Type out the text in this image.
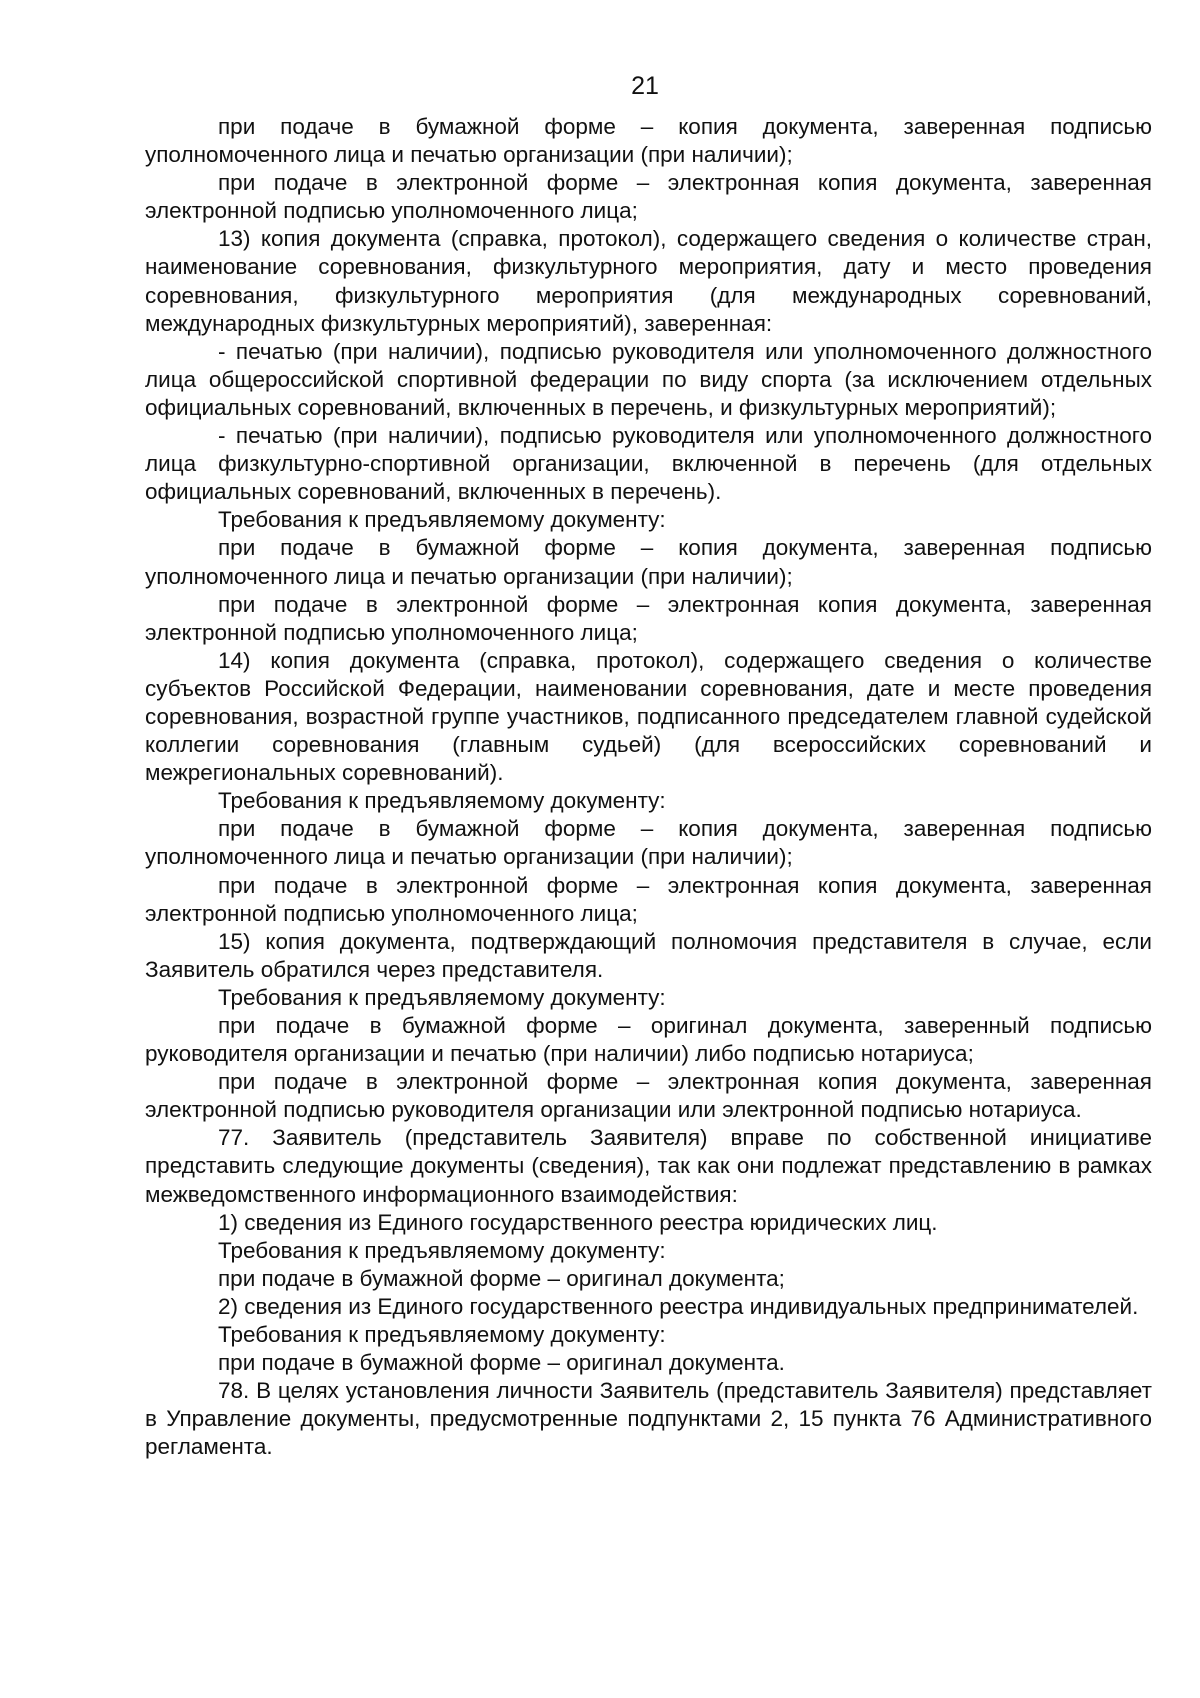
21

при подаче в бумажной форме – копия документа, заверенная подписью уполномоченного лица и печатью организации (при наличии);

при подаче в электронной форме – электронная копия документа, заверенная электронной подписью уполномоченного лица;

13) копия документа (справка, протокол), содержащего сведения о количестве стран, наименование соревнования, физкультурного мероприятия, дату и место проведения соревнования, физкультурного мероприятия (для международных соревнований, международных физкультурных мероприятий), заверенная:

- печатью (при наличии), подписью руководителя или уполномоченного должностного лица общероссийской спортивной федерации по виду спорта (за исключением отдельных официальных соревнований, включенных в перечень, и физкультурных мероприятий);

- печатью (при наличии), подписью руководителя или уполномоченного должностного лица физкультурно-спортивной организации, включенной в перечень (для отдельных официальных соревнований, включенных в перечень).

Требования к предъявляемому документу:

при подаче в бумажной форме – копия документа, заверенная подписью уполномоченного лица и печатью организации (при наличии);

при подаче в электронной форме – электронная копия документа, заверенная электронной подписью уполномоченного лица;

14) копия документа (справка, протокол), содержащего сведения о количестве субъектов Российской Федерации, наименовании соревнования, дате и месте проведения соревнования, возрастной группе участников, подписанного председателем главной судейской коллегии соревнования (главным судьей) (для всероссийских соревнований и межрегиональных соревнований).

Требования к предъявляемому документу:

при подаче в бумажной форме – копия документа, заверенная подписью уполномоченного лица и печатью организации (при наличии);

при подаче в электронной форме – электронная копия документа, заверенная электронной подписью уполномоченного лица;

15) копия документа, подтверждающий полномочия представителя в случае, если Заявитель обратился через представителя.

Требования к предъявляемому документу:

при подаче в бумажной форме – оригинал документа, заверенный подписью руководителя организации и печатью (при наличии) либо подписью нотариуса;

при подаче в электронной форме – электронная копия документа, заверенная электронной подписью руководителя организации или электронной подписью нотариуса.

77. Заявитель (представитель Заявителя) вправе по собственной инициативе представить следующие документы (сведения), так как они подлежат представлению в рамках межведомственного информационного взаимодействия:

1) сведения из Единого государственного реестра юридических лиц.

Требования к предъявляемому документу:

при подаче в бумажной форме – оригинал документа;

2) сведения из Единого государственного реестра индивидуальных предпринимателей.

Требования к предъявляемому документу:

при подаче в бумажной форме – оригинал документа.

78. В целях установления личности Заявитель (представитель Заявителя) представляет в Управление документы, предусмотренные подпунктами 2, 15 пункта 76 Административного регламента.
